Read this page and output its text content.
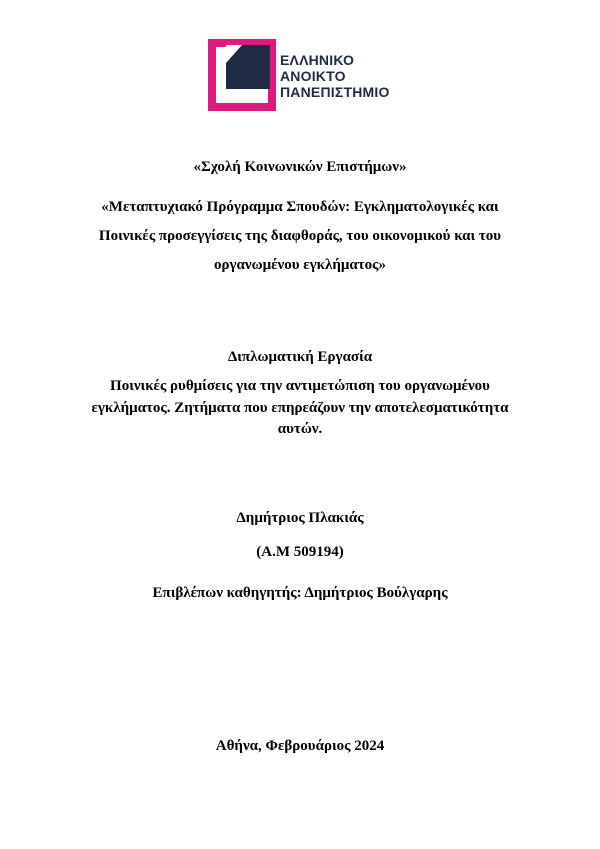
ΕΛΛΗΝΙΚΟ
ΑΝΟΙΚΤΟ
ΠΑΝΕΠΙΣΤΗΜΙΟ
«Σχολή Κοινωνικών Επιστήμων»
«Μεταπτυχιακό Πρόγραμμα Σπουδών: Εγκληματολογικές και
Ποινικές προσεγγίσεις της διαφθοράς, του οικονομικού και του
οργανωμένου εγκλήματος»
Διπλωματική Εργασία
Ποινικές ρυθμίσεις για την αντιμετώπιση του οργανωμένου
εγκλήματος. Ζητήματα που επηρεάζουν την αποτελεσματικότητα
αυτών.
Δημήτριος Πλακιάς
(Α.Μ 509194)
Επιβλέπων καθηγητής: Δημήτριος Βούλγαρης
Αθήνα, Φεβρουάριος 2024
